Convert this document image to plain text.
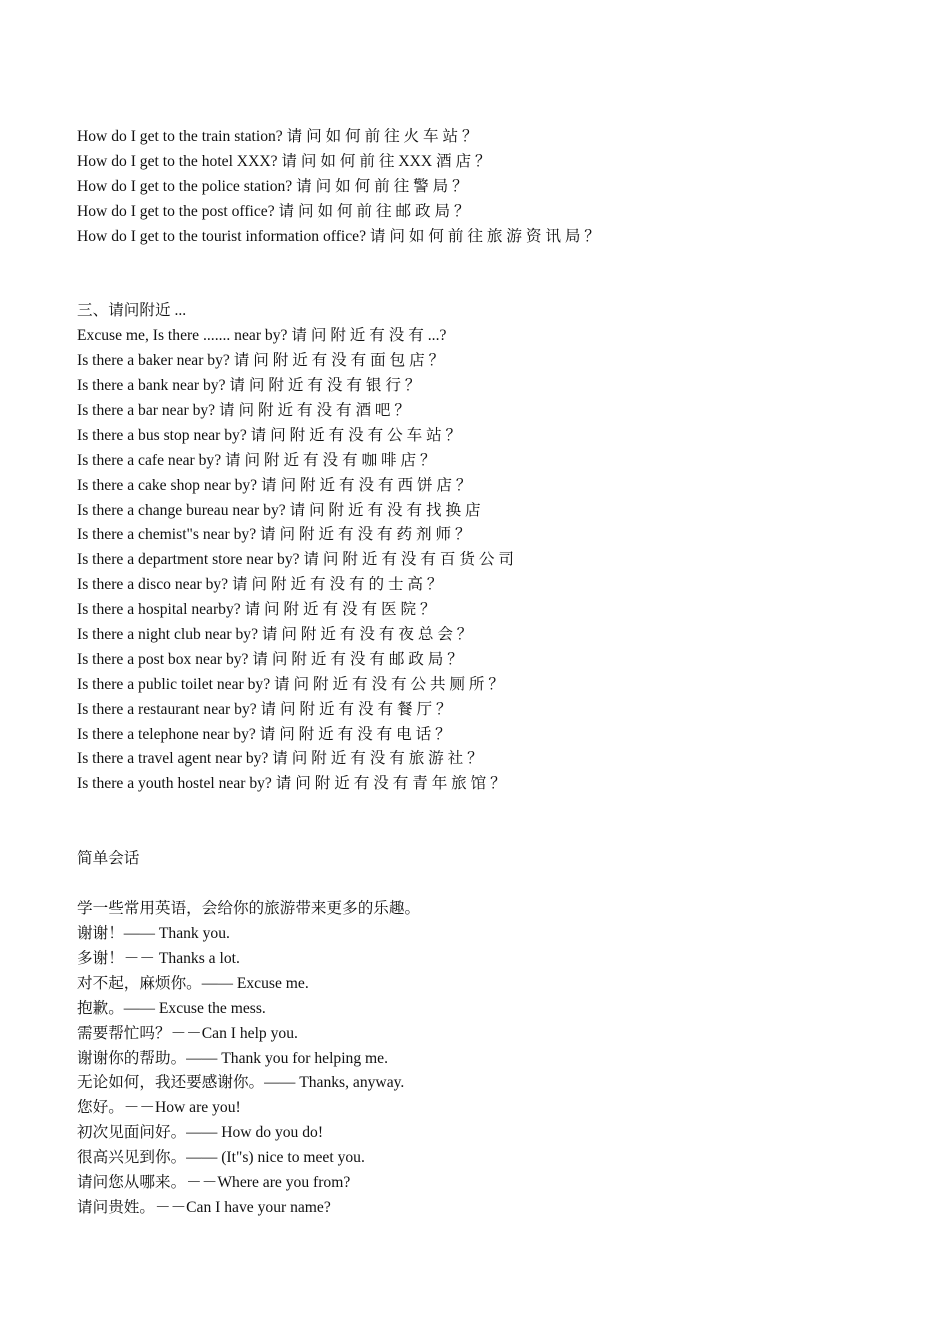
How do I get to the train station? 请 问 如 何 前 往 火 车 站 ？
How do I get to the hotel XXX? 请 问 如 何 前 往 XXX 酒 店 ？
How do I get to the police station? 请 问 如 何 前 往 警 局 ？
How do I get to the post office? 请 问 如 何 前 往 邮 政 局 ？
How do I get to the tourist information office? 请 问 如 何 前 往 旅 游 资 讯 局 ？
三、请问附近 ...
Excuse me, Is there ....... near by? 请 问 附 近 有 没 有 ...?
Is there a baker near by? 请 问 附 近 有 没 有 面 包 店 ？
Is there a bank near by? 请 问 附 近 有 没 有 银 行 ？
Is there a bar near by? 请 问 附 近 有 没 有 酒 吧 ？
Is there a bus stop near by? 请 问 附 近 有 没 有 公 车 站 ？
Is there a cafe near by? 请 问 附 近 有 没 有 咖 啡 店 ？
Is there a cake shop near by? 请 问 附 近 有 没 有 西 饼 店 ？
Is there a change bureau near by? 请 问 附 近 有 没 有 找 换 店
Is there a chemist"s near by? 请 问 附 近 有 没 有 药 剂 师 ？
Is there a department store near by? 请 问 附 近 有 没 有 百 货 公 司
Is there a disco near by? 请 问 附 近 有 没 有 的 士 高 ？
Is there a hospital nearby? 请 问 附 近 有 没 有 医 院 ？
Is there a night club near by? 请 问 附 近 有 没 有 夜 总 会 ？
Is there a post box near by? 请 问 附 近 有 没 有 邮 政 局 ？
Is there a public toilet near by? 请 问 附 近 有 没 有 公 共 厕 所 ？
Is there a restaurant near by? 请 问 附 近 有 没 有 餐 厅 ？
Is there a telephone near by? 请 问 附 近 有 没 有 电 话 ？
Is there a travel agent near by? 请 问 附 近 有 没 有 旅 游 社 ？
Is there a youth hostel near by? 请 问 附 近 有 没 有 青 年 旅 馆 ？
简单会话
学一些常用英语，会给你的旅游带来更多的乐趣。
谢谢！—— Thank you.
多谢！－－ Thanks a lot.
对不起，麻烦你。—— Excuse me.
抱歉。—— Excuse the mess.
需要帮忙吗？－－Can I help you.
谢谢你的帮助。—— Thank you for helping me.
无论如何，我还要感谢你。—— Thanks, anyway.
您好。－－How are you!
初次见面问好。—— How do you do!
很高兴见到你。—— (It"s) nice to meet you.
请问您从哪来。－－Where are you from?
请问贵姓。－－Can I have your name?
